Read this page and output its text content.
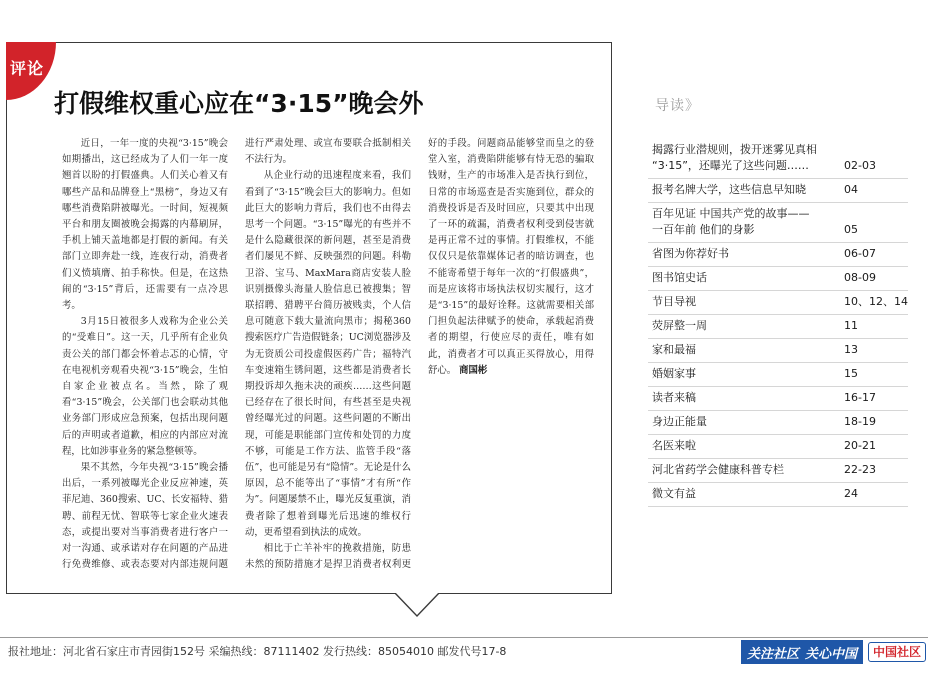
评论
打假维权重心应在“3·15”晚会外

近日，一年一度的央视“3·15”晚会如期播出，这已经成为了人们一年一度翘首以盼的打假盛典。人们关心着又有哪些产品和品牌登上“黑榜”，身边又有哪些消费陷阱被曝光。一时间，短视频平台和朋友圈被晚会揭露的内幕刷屏，手机上铺天盖地都是打假的新闻。有关部门立即奔赴一线，连夜行动，消费者们义愤填膺、拍手称快。但是，在这热闹的“3·15”背后，还需要有一点冷思考。

3月15日被很多人戏称为企业公关的“受难日”。这一天，几乎所有企业负责公关的部门都会怀着忐忑的心情，守在电视机旁观看央视“3·15”晚会，生怕自家企业被点名。当然，除了观看“3·15”晚会，公关部门也会联动其他业务部门形成应急预案，包括出现问题后的声明或者道歉，相应的内部应对流程，比如涉事业务的紧急整顿等。

果不其然，今年央视“3·15”晚会播出后，一系列被曝光企业反应神速，英菲尼迪、360搜索、UC、长安福特、猎聘、前程无忧、智联等七家企业火速表态，或提出要对当事消费者进行客户一对一沟通、或承诺对存在问题的产品进行免费维修、或表态要对内部违规问题进行严肃处理、或宣布要联合抵制相关不法行为。

从企业行动的迅速程度来看，我们看到了“3·15”晚会巨大的影响力。但如此巨大的影响力背后，我们也不由得去思考一个问题。“3·15”曝光的有些并不是什么隐藏很深的新问题，甚至是消费者们屡见不鲜、反映强烈的问题。科勒卫浴、宝马、MaxMara商店安装人脸识别摄像头海量人脸信息已被搜集；智联招聘、猎聘平台简历被贱卖，个人信息可随意下载大量流向黑市；揭秘360搜索医疗广告造假链条；UC浏览器涉及为无资质公司投虚假医药广告；福特汽车变速箱生锈问题，这些都是消费者长期投诉却久拖未决的顽疾……这些问题已经存在了很长时间，有些甚至是央视曾经曝光过的问题。这些问题的不断出现，可能是职能部门宣传和处罚的力度不够，可能是工作方法、监管手段“落伍”，也可能是另有“隐情”。无论是什么原因，总不能等出了“事情”才有所“作为”。问题屡禁不止，曝光反复重演，消费者除了想着到曝光后迅速的维权行动，更希望看到执法的成效。

相比于亡羊补牢的挽救措施，防患未然的预防措施才是捍卫消费者权利更好的手段。问题商品能够堂而皇之的登堂入室，消费陷阱能够有恃无恐的骗取钱财，生产的市场准入是否执行到位，日常的市场巡查是否实施到位，群众的消费投诉是否及时回应，只要其中出现了一环的疏漏，消费者权利受到侵害就是再正常不过的事情。打假维权，不能仅仅只是依靠媒体记者的暗访调查，也不能寄希望于每年一次的“打假盛典”，而是应该将市场执法权切实履行，这才是“3·15”的最好诠释。这就需要相关部门担负起法律赋予的使命，承载起消费者的期望，行使应尽的责任，唯有如此，消费者才可以真正买得放心，用得舒心。 商国彬

导读》
揭露行业潜规则，拨开迷雾见真相
“3·15”，还曝光了这些问题……	02-03
报考名牌大学，这些信息早知晓	04
百年见证 中国共产党的故事——
一百年前 他们的身影	05
省图为你荐好书	06-07
图书馆史话	08-09
节目导视	10、12、14
荧屏整一周	11
家和最福	13
婚姻家事	15
读者来稿	16-17
身边正能量	18-19
名医来啦	20-21
河北省药学会健康科普专栏	22-23
微文有益	24
报社地址：河北省石家庄市青园街152号 采编热线：87111402 发行热线：85054010 邮发代号17-8	关注社区 关心中国	中国社区
